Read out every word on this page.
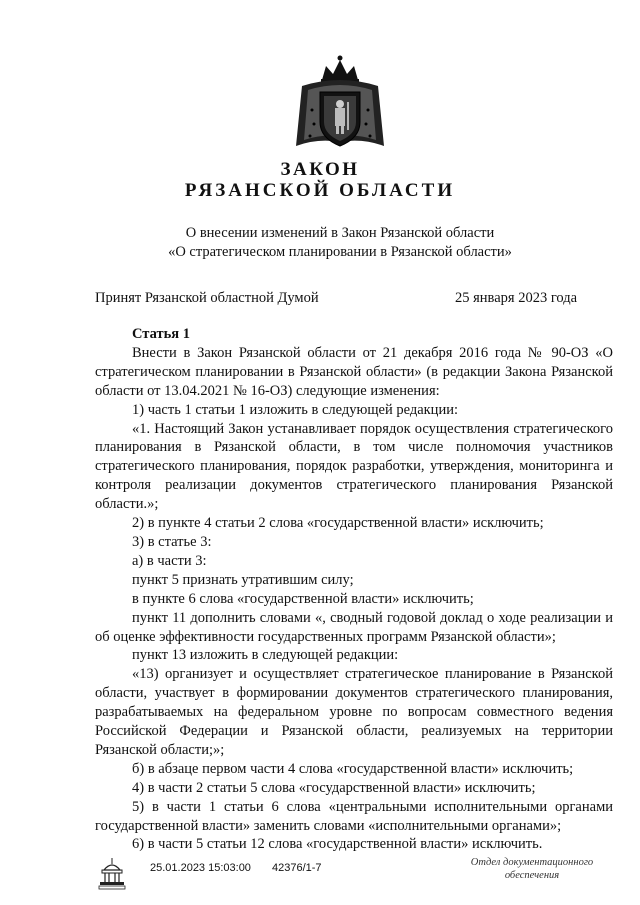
ЗАКОН
РЯЗАНСКОЙ ОБЛАСТИ
О внесении изменений в Закон Рязанской области
«О стратегическом планировании в Рязанской области»
Принят Рязанской областной Думой	25 января 2023 года

Статья 1

Внести в Закон Рязанской области от 21 декабря 2016 года № 90-ОЗ «О стратегическом планировании в Рязанской области» (в редакции Закона Рязанской области от 13.04.2021 № 16-ОЗ) следующие изменения:

1) часть 1 статьи 1 изложить в следующей редакции:

«1. Настоящий Закон устанавливает порядок осуществления стратегического планирования в Рязанской области, в том числе полномочия участников стратегического планирования, порядок разработки, утверждения, мониторинга и контроля реализации документов стратегического планирования Рязанской области.»;

2) в пункте 4 статьи 2 слова «государственной власти» исключить;

3) в статье 3:

а) в части 3:

пункт 5 признать утратившим силу;

в пункте 6 слова «государственной власти» исключить;

пункт 11 дополнить словами «, сводный годовой доклад о ходе реализации и об оценке эффективности государственных программ Рязанской области»;

пункт 13 изложить в следующей редакции:

«13) организует и осуществляет стратегическое планирование в Рязанской области, участвует в формировании документов стратегического планирования, разрабатываемых на федеральном уровне по вопросам совместного ведения Российской Федерации и Рязанской области, реализуемых на территории Рязанской области;»;

б) в абзаце первом части 4 слова «государственной власти» исключить;

4) в части 2 статьи 5 слова «государственной власти» исключить;

5) в части 1 статьи 6 слова «центральными исполнительными органами государственной власти» заменить словами «исполнительными органами»;

6) в части 5 статьи 12 слова «государственной власти» исключить.

25.01.2023 15:03:00 42376/1-7	Отдел документационного
обеспечения
